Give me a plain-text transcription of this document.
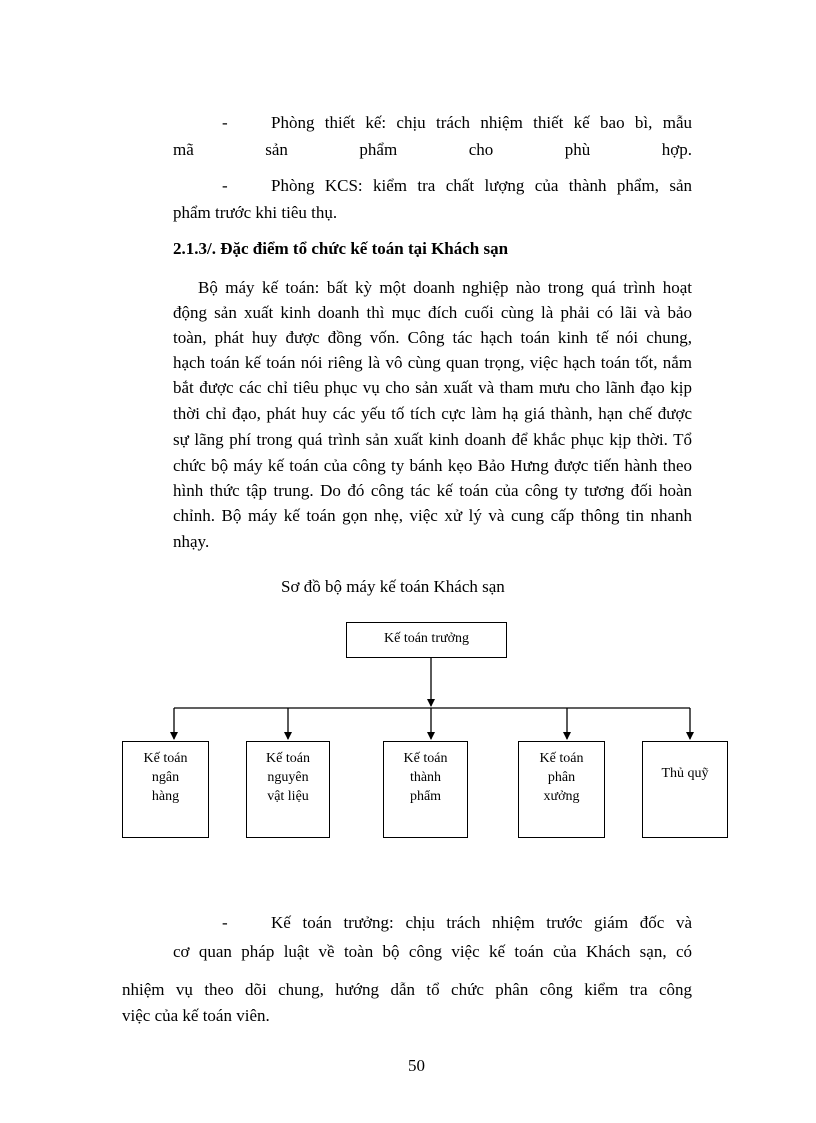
-	Phòng thiết kế: chịu trách nhiệm thiết kế bao bì, mẫu
mã	sản	phẩm	cho	phù	hợp.
-	Phòng KCS: kiểm tra chất lượng của thành phẩm, sản
phẩm trước khi tiêu thụ.
2.1.3/. Đặc điểm tổ chức kế toán tại Khách sạn
Bộ máy kế toán: bất kỳ một doanh nghiệp nào trong quá trình hoạt
động sản xuất kinh doanh thì mục đích cuối cùng là phải có lãi và bảo
toàn, phát huy được đồng vốn. Công tác hạch toán kinh tế nói chung,
hạch toán kế toán nói riêng là vô cùng quan trọng, việc hạch toán tốt, nắm
bắt được các chỉ tiêu phục vụ cho sản xuất và tham mưu cho lãnh đạo kịp
thời chỉ đạo, phát huy các yếu tố tích cực làm hạ giá thành, hạn chế được
sự lãng phí trong quá trình sản xuất kinh doanh để khắc phục kịp thời. Tổ
chức bộ máy kế toán của công ty bánh kẹo Bảo Hưng được tiến hành theo
hình thức tập trung. Do đó công tác kế toán của công ty tương đối hoàn
chỉnh. Bộ máy kế toán gọn nhẹ, việc xử lý và cung cấp thông tin nhanh
nhạy.
Sơ đồ bộ máy kế toán Khách sạn
Kế toán trưởng
Kế toán
ngân
hàng
Kế toán
nguyên
vật liệu
Kế toán
thành
phẩm
Kế toán
phân
xưởng
Thủ quỹ
-	Kế toán trưởng: chịu trách nhiệm trước giám đốc và
cơ quan pháp luật về toàn bộ công việc kế toán của Khách sạn, có
nhiệm vụ theo dõi chung, hướng dẫn tổ chức phân công kiểm tra công
việc của kế toán viên.
50
